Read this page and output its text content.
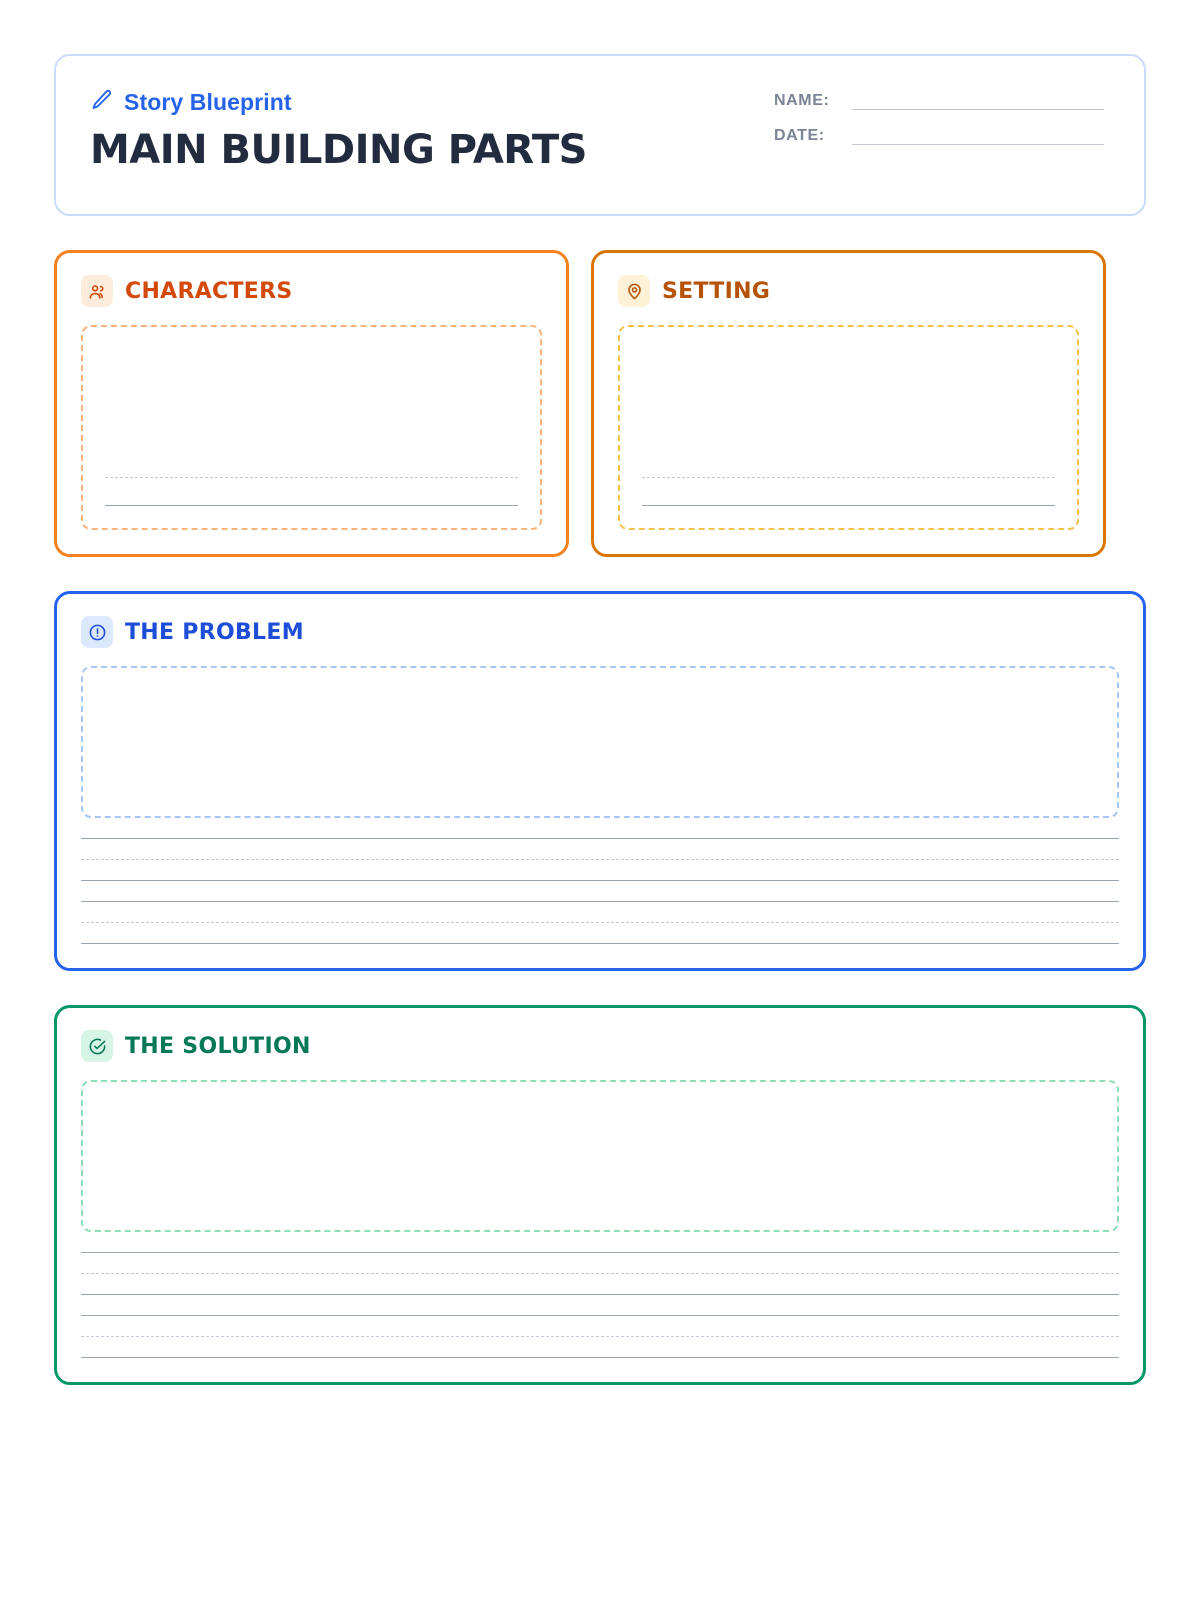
Story Blueprint
MAIN BUILDING PARTS
NAME:
DATE:
CHARACTERS	SETTING
THE PROBLEM
THE SOLUTION
